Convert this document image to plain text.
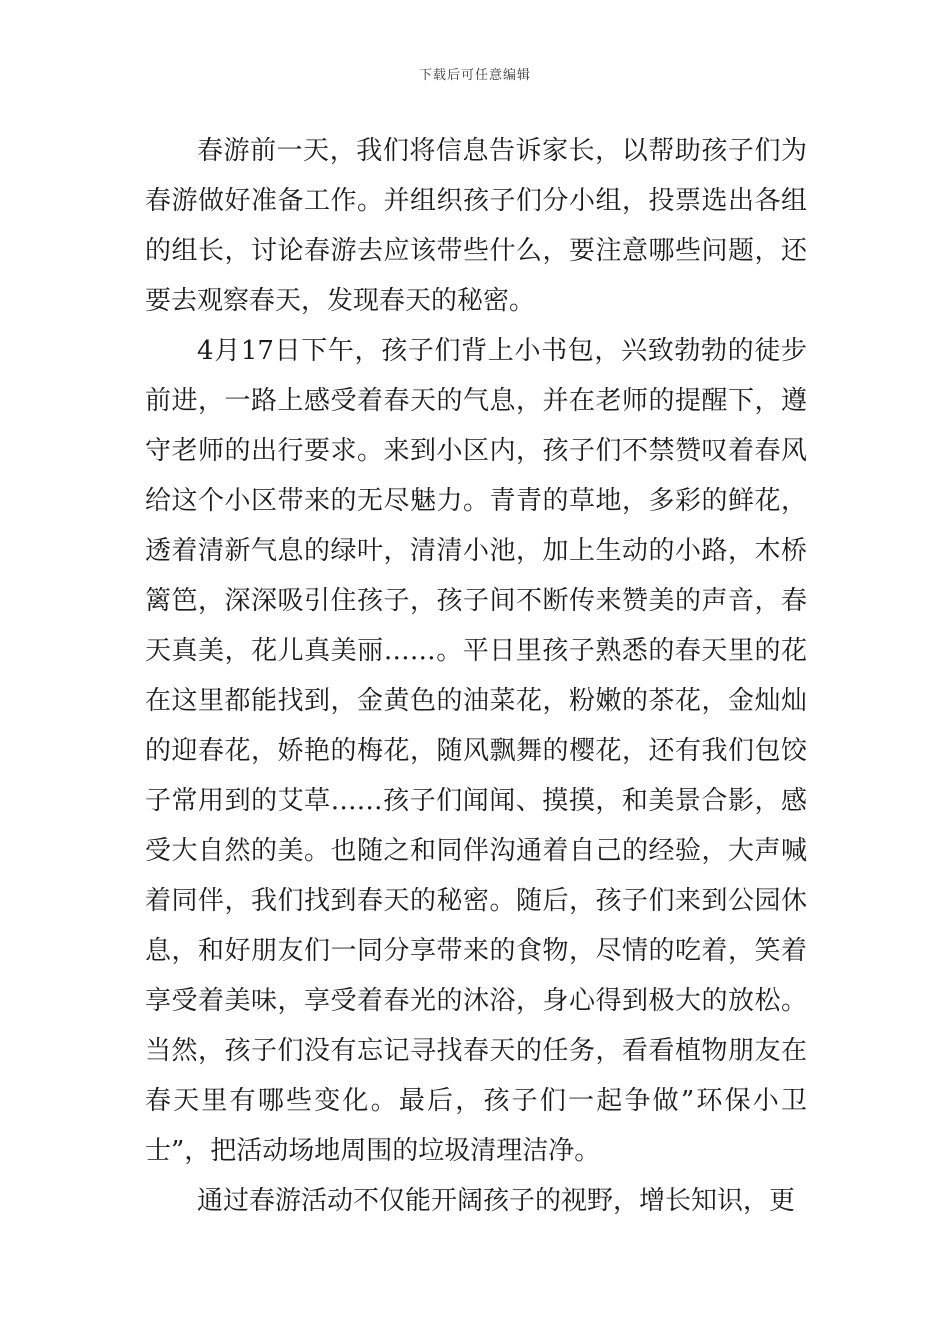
下载后可任意编辑

春游前一天，我们将信息告诉家长，以帮助孩子们为春游做好准备工作。并组织孩子们分小组，投票选出各组的组长，讨论春游去应该带些什么，要注意哪些问题，还要去观察春天，发现春天的秘密。

4月17日下午，孩子们背上小书包，兴致勃勃的徒步前进，一路上感受着春天的气息，并在老师的提醒下，遵守老师的出行要求。来到小区内，孩子们不禁赞叹着春风给这个小区带来的无尽魅力。青青的草地，多彩的鲜花，透着清新气息的绿叶，清清小池，加上生动的小路，木桥篱笆，深深吸引住孩子，孩子间不断传来赞美的声音，春天真美，花儿真美丽……。平日里孩子熟悉的春天里的花在这里都能找到，金黄色的油菜花，粉嫩的茶花，金灿灿的迎春花，娇艳的梅花，随风飘舞的樱花，还有我们包饺子常用到的艾草……孩子们闻闻、摸摸，和美景合影，感受大自然的美。也随之和同伴沟通着自己的经验，大声喊着同伴，我们找到春天的秘密。随后，孩子们来到公园休息，和好朋友们一同分享带来的食物，尽情的吃着，笑着享受着美味，享受着春光的沐浴，身心得到极大的放松。当然，孩子们没有忘记寻找春天的任务，看看植物朋友在春天里有哪些变化。最后，孩子们一起争做”环保小卫士”，把活动场地周围的垃圾清理洁净。

通过春游活动不仅能开阔孩子的视野，增长知识，更
